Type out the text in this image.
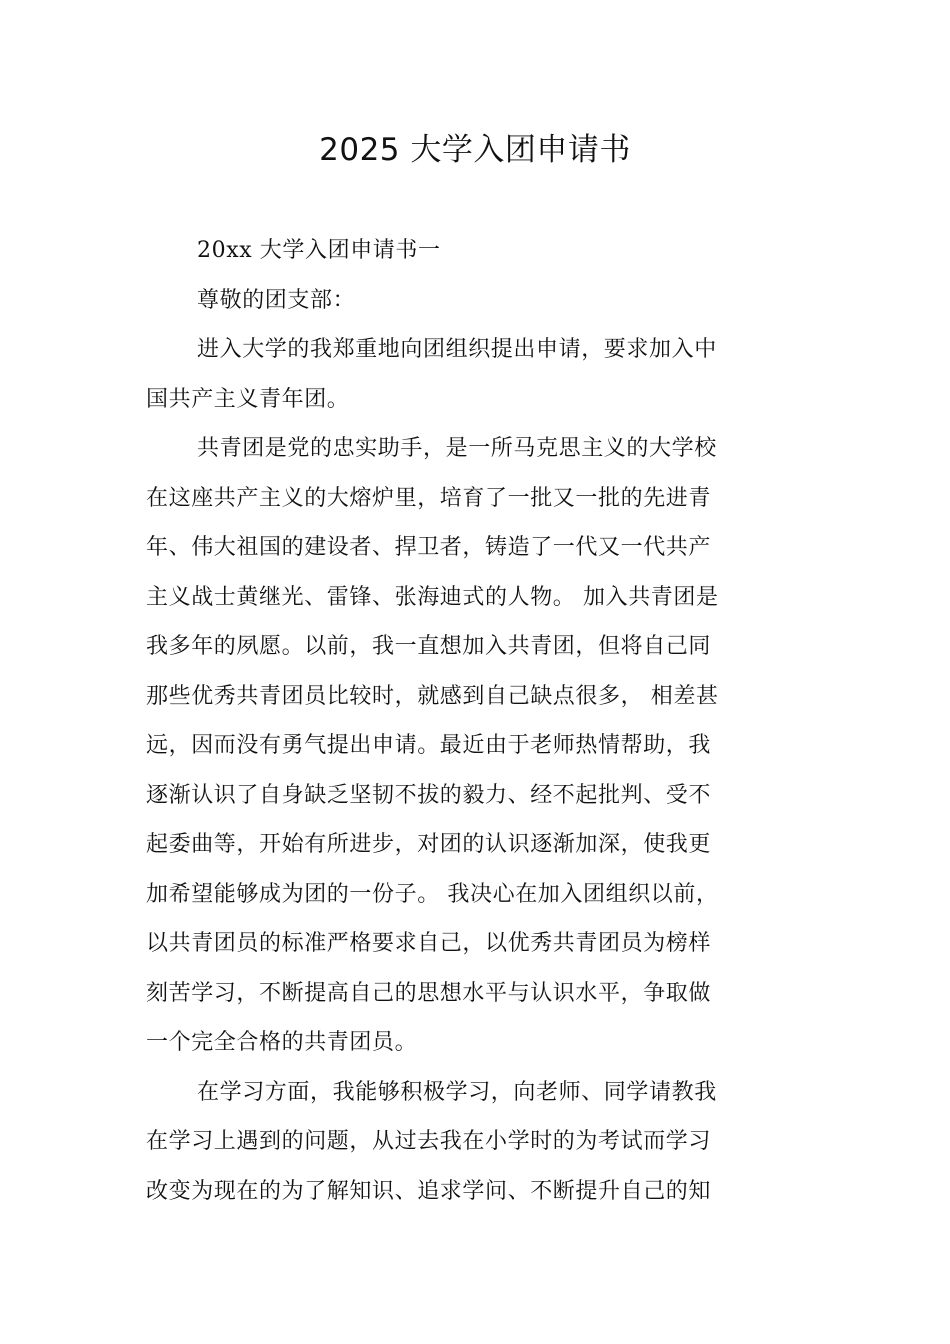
2025 大学入团申请书
20xx 大学入团申请书一
尊敬的团支部：
进入大学的我郑重地向团组织提出申请，要求加入中
国共产主义青年团。
共青团是党的忠实助手，是一所马克思主义的大学校
在这座共产主义的大熔炉里，培育了一批又一批的先进青
年、伟大祖国的建设者、捍卫者，铸造了一代又一代共产
主义战士黄继光、雷锋、张海迪式的人物。 加入共青团是
我多年的夙愿。以前，我一直想加入共青团，但将自己同
那些优秀共青团员比较时，就感到自己缺点很多， 相差甚
远，因而没有勇气提出申请。最近由于老师热情帮助，我
逐渐认识了自身缺乏坚韧不拔的毅力、经不起批判、受不
起委曲等，开始有所进步，对团的认识逐渐加深，使我更
加希望能够成为团的一份子。 我决心在加入团组织以前，
以共青团员的标准严格要求自己，以优秀共青团员为榜样
刻苦学习，不断提高自己的思想水平与认识水平，争取做
一个完全合格的共青团员。
在学习方面，我能够积极学习，向老师、同学请教我
在学习上遇到的问题，从过去我在小学时的为考试而学习
改变为现在的为了解知识、追求学问、不断提升自己的知
